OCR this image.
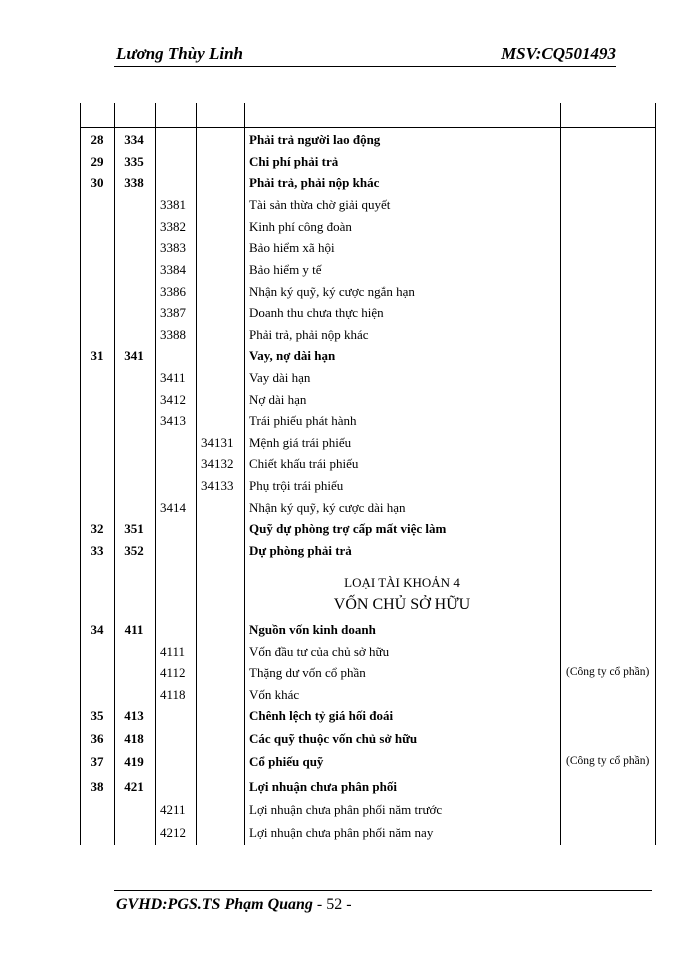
Lương Thùy Linh	MSV:CQ501493
28	334	Phải trả người lao động
29	335	Chi phí phải trả
30	338	Phải trả, phải nộp khác
3381	Tài sản thừa chờ giải quyết
3382	Kinh phí công đoàn
3383	Bảo hiểm xã hội
3384	Bảo hiểm y tế
3386	Nhận ký quỹ, ký cược ngắn hạn
3387	Doanh thu chưa thực hiện
3388	Phải trả, phải nộp khác
31	341	Vay, nợ dài hạn
3411	Vay dài hạn
3412	Nợ dài hạn
3413	Trái phiếu phát hành
34131 Mệnh giá trái phiếu
34132 Chiết khấu trái phiếu
34133 Phụ trội trái phiếu
3414	Nhận ký quỹ, ký cược dài hạn
32	351	Quỹ dự phòng trợ cấp mất việc làm
33	352	Dự phòng phải trả
34	411	Nguồn vốn kinh doanh
4111	Vốn đầu tư của chủ sở hữu
4112	Thặng dư vốn cổ phần	(Công ty cổ phần)
4118	Vốn khác
35	413	Chênh lệch tỷ giá hối đoái
36	418	Các quỹ thuộc vốn chủ sở hữu
37	419	Cổ phiếu quỹ	(Công ty cổ phần)
38	421	Lợi nhuận chưa phân phối
4211	Lợi nhuận chưa phân phối năm trước
4212	Lợi nhuận chưa phân phối năm nay
LOẠI TÀI KHOẢN 4
VỐN CHỦ SỞ HỮU
GVHD:PGS.TS Phạm Quang - 52 -
